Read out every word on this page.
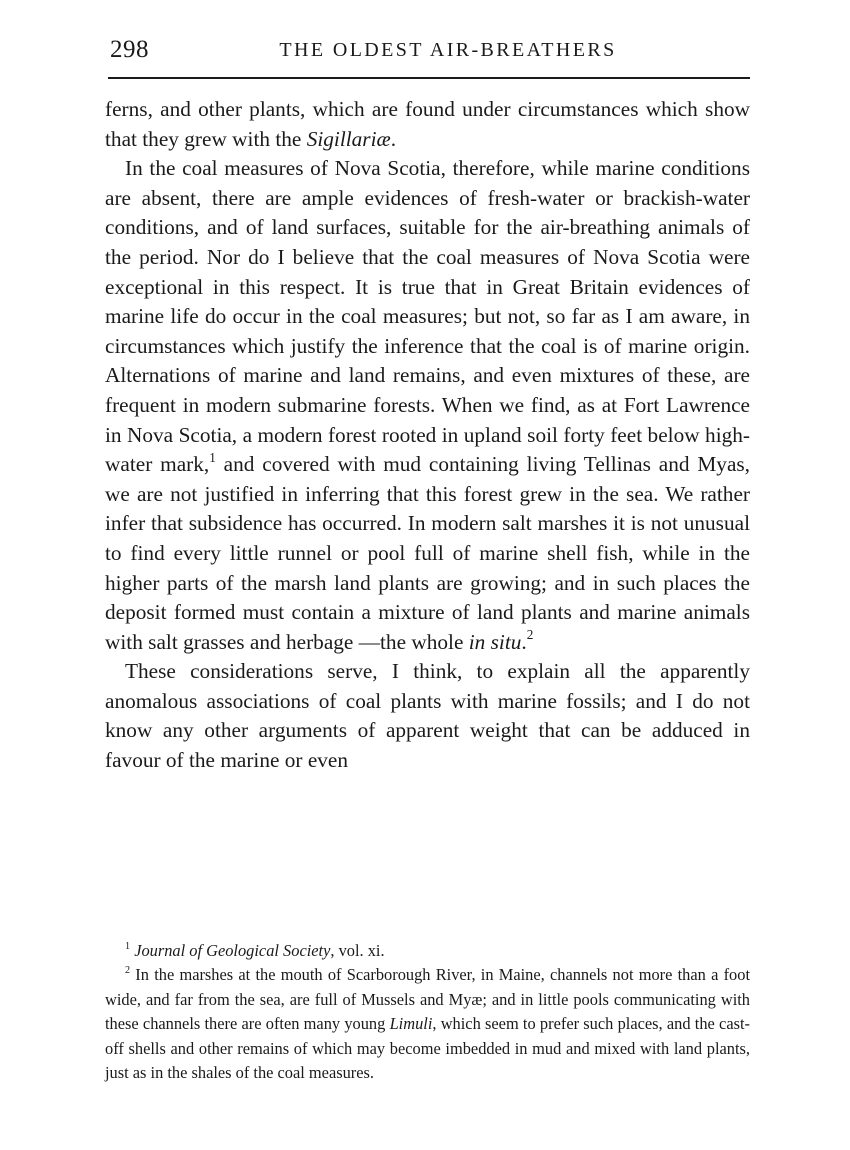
298	THE OLDEST AIR-BREATHERS

ferns, and other plants, which are found under circumstances which show that they grew with the Sigillariæ.

In the coal measures of Nova Scotia, therefore, while marine conditions are absent, there are ample evidences of fresh-water or brackish-water conditions, and of land surfaces, suitable for the air-breathing animals of the period. Nor do I believe that the coal measures of Nova Scotia were exceptional in this respect. It is true that in Great Britain evidences of marine life do occur in the coal measures; but not, so far as I am aware, in circumstances which justify the inference that the coal is of marine origin. Alternations of marine and land remains, and even mixtures of these, are frequent in modern submarine forests. When we find, as at Fort Lawrence in Nova Scotia, a modern forest rooted in upland soil forty feet below high-water mark,$^1$ and covered with mud containing living Tellinas and Myas, we are not justified in inferring that this forest grew in the sea. We rather infer that subsidence has occurred. In modern salt marshes it is not unusual to find every little runnel or pool full of marine shell fish, while in the higher parts of the marsh land plants are growing; and in such places the deposit formed must contain a mixture of land plants and marine animals with salt grasses and herbage —the whole in situ.$^2$

These considerations serve, I think, to explain all the apparently anomalous associations of coal plants with marine fossils; and I do not know any other arguments of apparent weight that can be adduced in favour of the marine or even

$^1$ Journal of Geological Society, vol. xi.

$^2$ In the marshes at the mouth of Scarborough River, in Maine, channels not more than a foot wide, and far from the sea, are full of Mussels and Myæ; and in little pools communicating with these channels there are often many young Limuli, which seem to prefer such places, and the cast-off shells and other remains of which may become imbedded in mud and mixed with land plants, just as in the shales of the coal measures.
